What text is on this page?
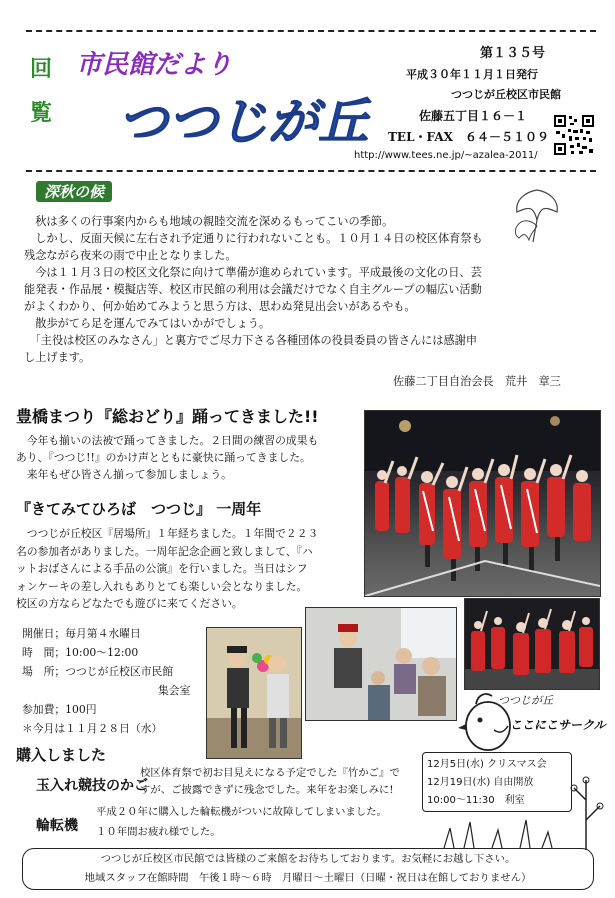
回
覧
市民館だより
つつじが丘
第１３５号
平成３０年１１月１日発行
つつじが丘校区市民館
佐藤五丁目１６－１
TEL・FAX　６４－５１０９
http://www.tees.ne.jp/~azalea-2011/
深秋の候
　秋は多くの行事案内からも地域の親睦交流を深めるもってこいの季節。
　しかし、反面天候に左右され予定通りに行われないことも。１０月１４日の校区体育祭も
残念ながら夜来の雨で中止となりました。
　今は１１月３日の校区文化祭に向けて準備が進められています。平成最後の文化の日、芸
能発表・作品展・模擬店等、校区市民館の利用は会議だけでなく自主グループの幅広い活動
がよくわかり、何か始めてみようと思う方は、思わぬ発見出会いがあるやも。
　散歩がてら足を運んでみてはいかがでしょう。
　「主役は校区のみなさん」と裏方でご尽力下さる各種団体の役員委員の皆さんには感謝申
し上げます。
佐藤二丁目自治会長　荒井　章三
豊橋まつり『総おどり』踊ってきました!!
　今年も揃いの法被で踊ってきました。２日間の練習の成果も
あり、『つつじ!!』のかけ声とともに豪快に踊ってきました。
　来年もぜひ皆さん揃って参加しましょう。
『きてみてひろば　つつじ』 一周年
　つつじが丘校区『居場所』１年経ちました。１年間で２２３
名の参加者がありました。一周年記念企画と致しまして、『ハ
ットおばさんによる手品の公演』を行いました。当日はシフ
ォンケーキの差し入れもありとても楽しい会となりました。
校区の方ならどなたでも遊びに来てください。
開催日；毎月第４水曜日
時　間；10:00～12:00
場　所；つつじが丘校区市民館
集会室
参加費；100円
＊今月は１１月２８日（水）
つつじが丘
ここにこサークル
12月5日(水) クリスマス会
12月19日(水) 自由開放
10:00～11:30　利室
購入しました
玉入れ競技のかご
校区体育祭で初お目見えになる予定でした『竹かご』で
すが、ご披露できずに残念でした。来年をお楽しみに!
輪転機
平成２０年に購入した輪転機がついに故障してしまいました。
１０年間お疲れ様でした。
つつじが丘校区市民館では皆様のご来館をお待ちしております。お気軽にお越し下さい。
地域スタッフ在館時間　午後１時～６時　月曜日～土曜日（日曜・祝日は在館しておりません）
